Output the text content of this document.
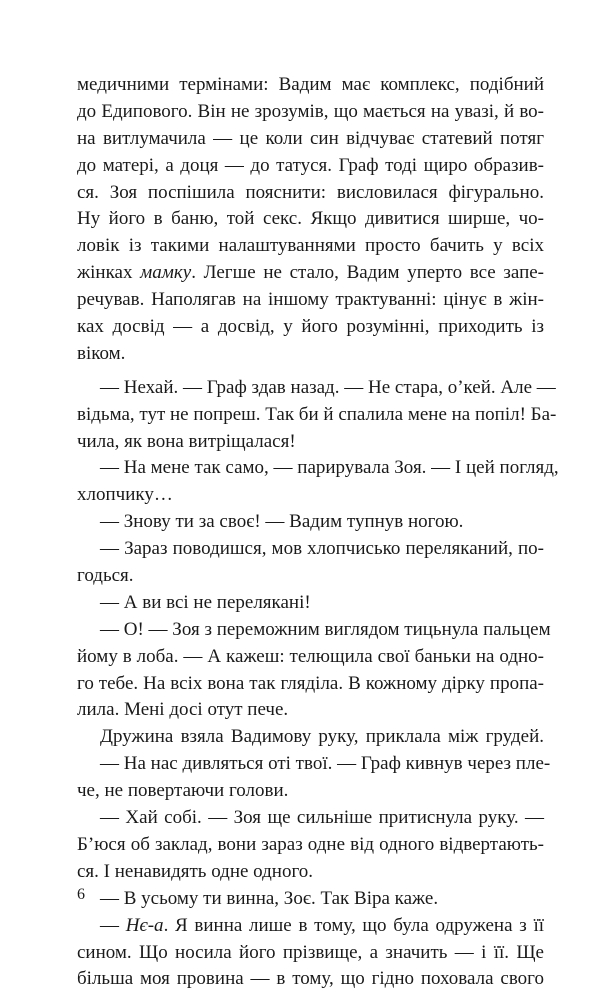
медичними термінами: Вадим має комплекс, подібний
до Едипового. Він не зрозумів, що мається на увазі, й во-
на витлумачила — це коли син відчуває статевий потяг
до матері, а доця — до татуся. Граф тоді щиро образив-
ся. Зоя поспішила пояснити: висловилася фігурально.
Ну його в баню, той секс. Якщо дивитися ширше, чо-
ловік із такими налаштуваннями просто бачить у всіх
жінках мамку. Легше не стало, Вадим уперто все запе-
речував. Наполягав на іншому трактуванні: цінує в жін-
ках досвід — а досвід, у його розумінні, приходить із
віком.
— Нехай. — Граф здав назад. — Не стара, о’кей. Але —
відьма, тут не попреш. Так би й спалила мене на попіл! Ба-
чила, як вона витріщалася!
— На мене так само, — парирувала Зоя. — І цей погляд,
хлопчику…
— Знову ти за своє! — Вадим тупнув ногою.
— Зараз поводишся, мов хлопчисько переляканий, по-
годься.
— А ви всі не перелякані!
— О! — Зоя з переможним виглядом тицьнула пальцем
йому в лоба. — А кажеш: телющила свої баньки на одно-
го тебе. На всіх вона так глядiла. В кожному дірку пропа-
лила. Мені досі отут пече.
Дружина взяла Вадимову руку, приклала між грудей.
— На нас дивляться оті твої. — Граф кивнув через пле-
че, не повертаючи голови.
— Хай собі. — Зоя ще сильніше притиснула руку. —
Б’юся об заклад, вони зараз одне від одного відвертають-
ся. І ненавидять одне одного.
— В усьому ти винна, Зоє. Так Віра каже.
— Нє-а. Я винна лише в тому, що була одружена з її
сином. Що носила його прізвище, а значить — і її. Ще
більша моя провина — в тому, що гідно поховала свого
6
